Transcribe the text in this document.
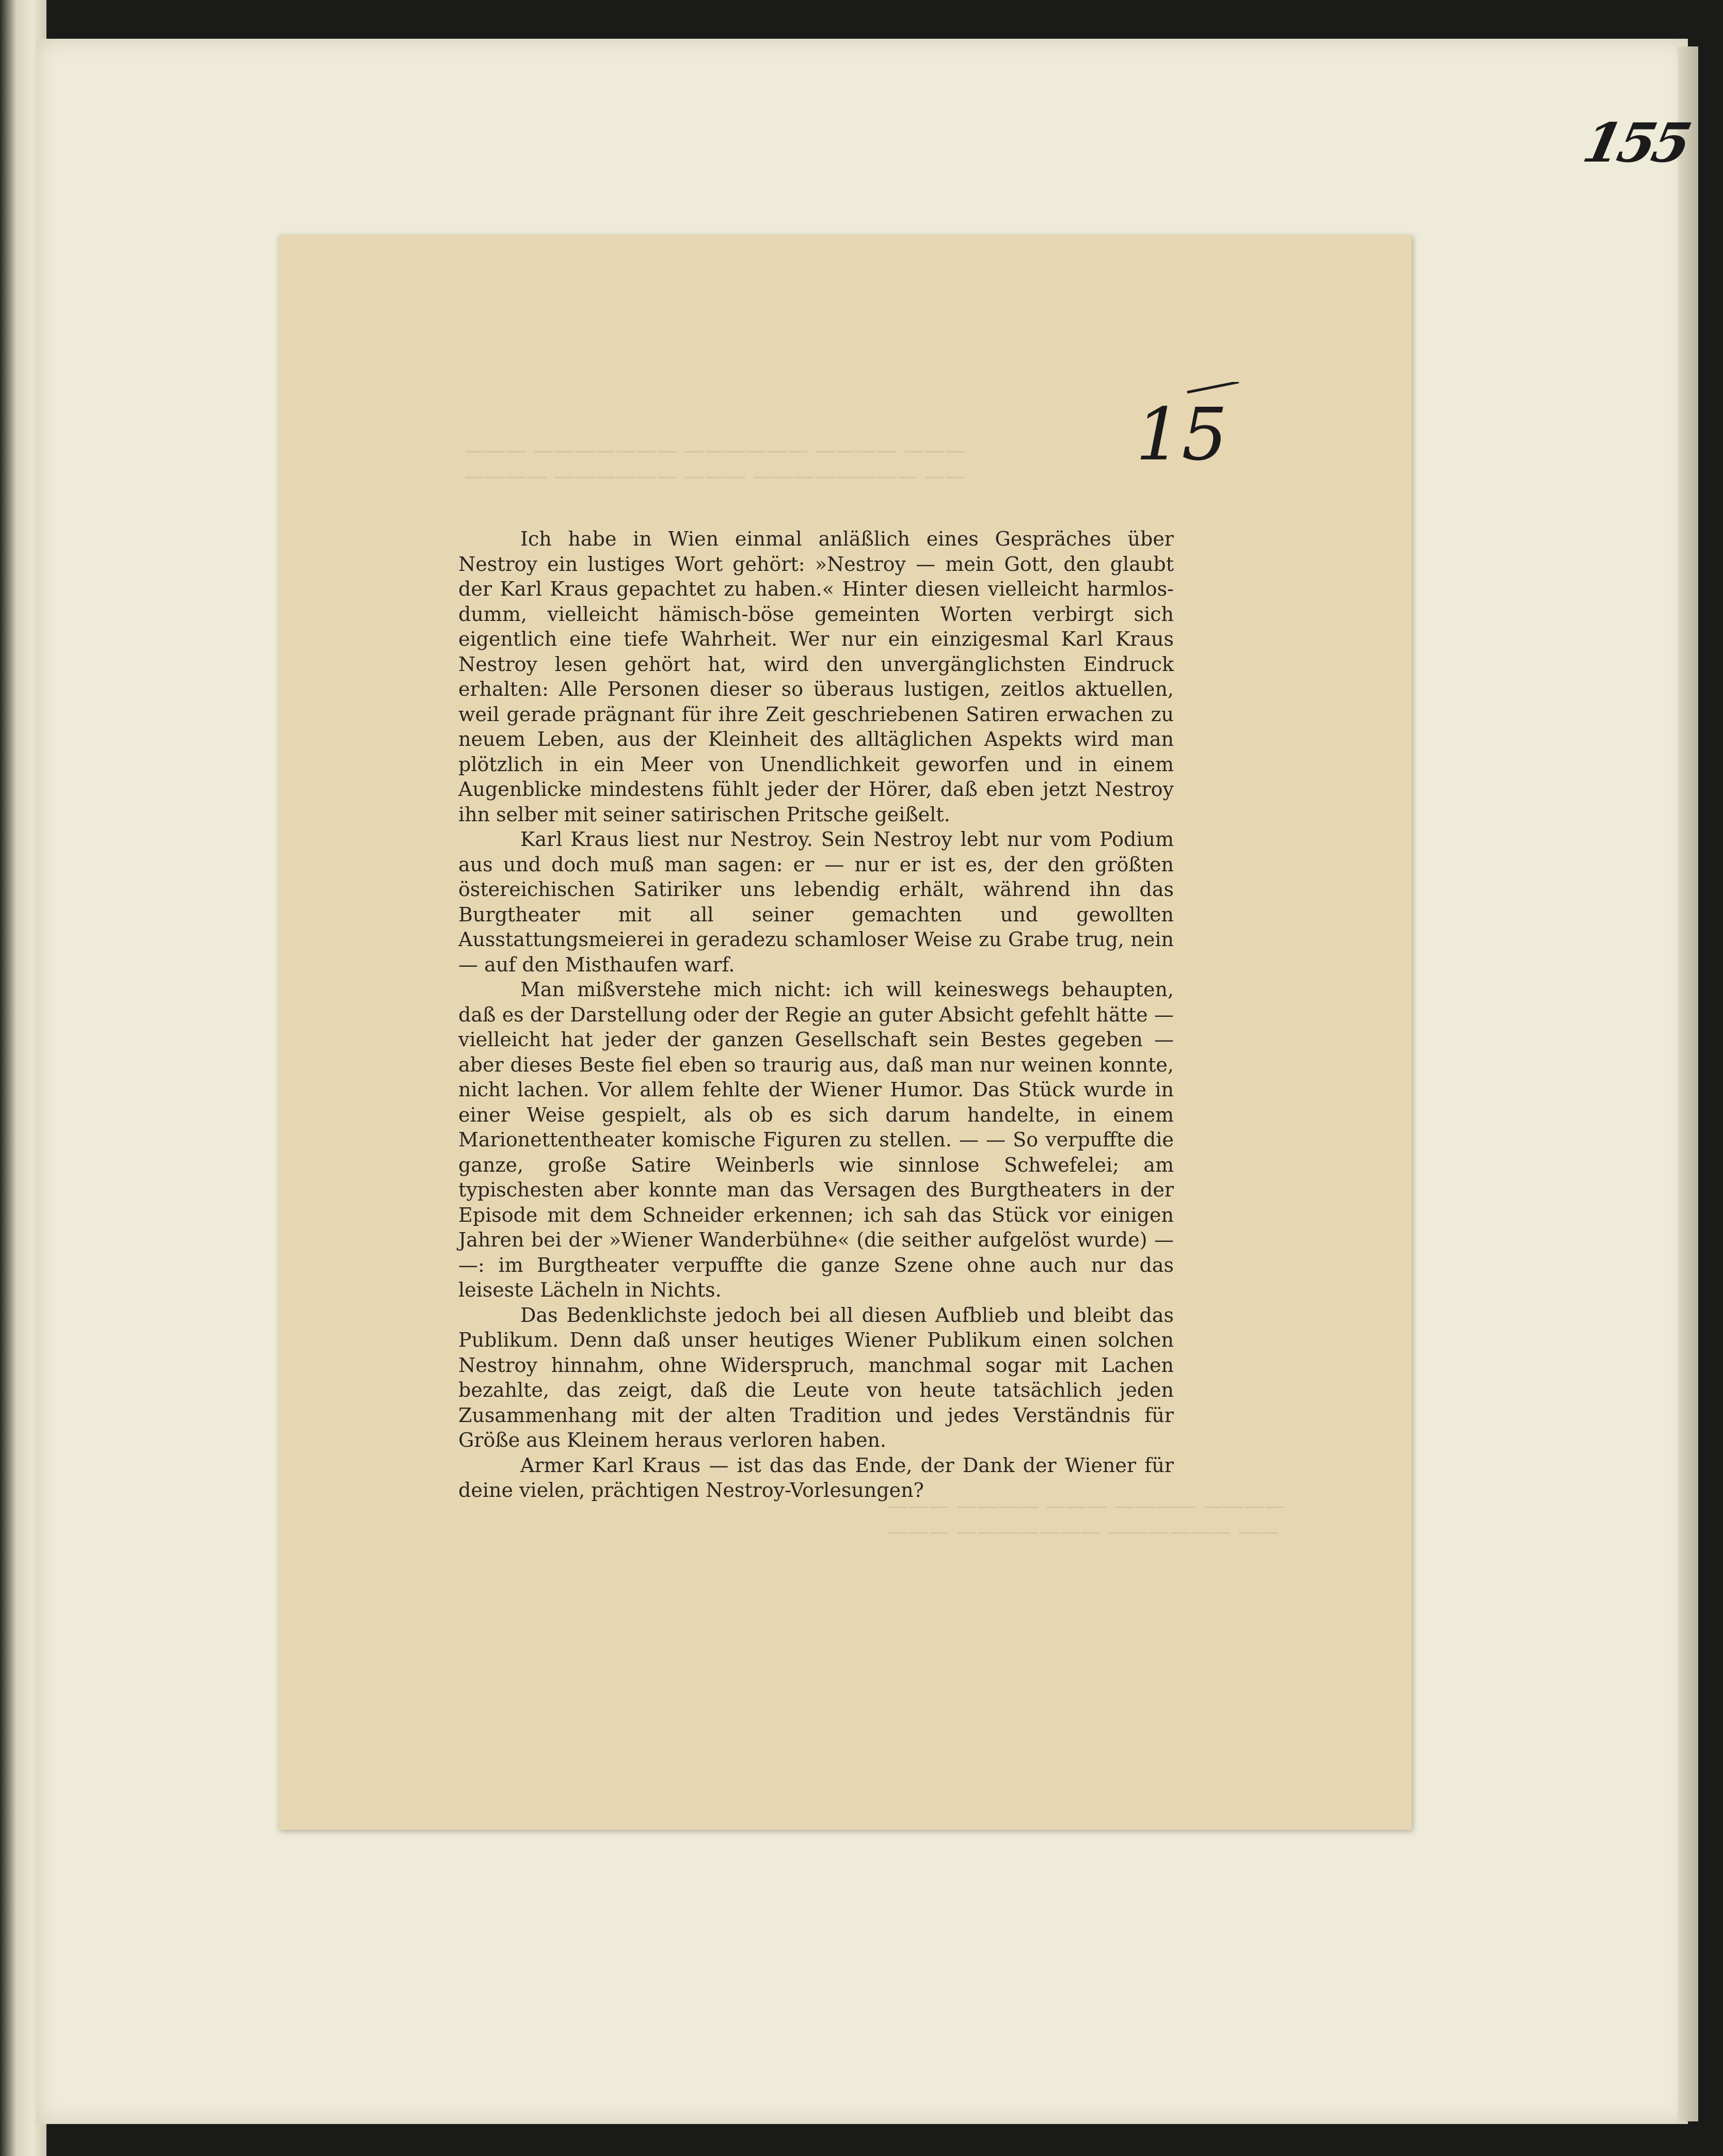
155

——— ——————— —————— ———— ———
———— —————— ——— ———————— ——
——— ———— ——— ———— ————
——— ——————— —————— ——
15

Ich habe in Wien einmal anläßlich eines Gespräches über Nestroy ein lustiges Wort gehört: »Nestroy — mein Gott, den glaubt der Karl Kraus gepachtet zu haben.« Hinter diesen vielleicht harmlos-dumm, vielleicht hämisch-böse gemeinten Worten verbirgt sich eigentlich eine tiefe Wahrheit. Wer nur ein einzigesmal Karl Kraus Nestroy lesen gehört hat, wird den unvergänglichsten Eindruck erhalten: Alle Personen dieser so überaus lustigen, zeitlos aktuellen, weil gerade prägnant für ihre Zeit geschriebenen Satiren erwachen zu neuem Leben, aus der Kleinheit des alltäglichen Aspekts wird man plötzlich in ein Meer von Unendlichkeit geworfen und in einem Augenblicke mindestens fühlt jeder der Hörer, daß eben jetzt Nestroy ihn selber mit seiner satirischen Pritsche geißelt.

Karl Kraus liest nur Nestroy. Sein Nestroy lebt nur vom Podium aus und doch muß man sagen: er — nur er ist es, der den größten östereichischen Satiriker uns lebendig erhält, während ihn das Burgtheater mit all seiner gemachten und gewollten Ausstattungsmeierei in geradezu schamloser Weise zu Grabe trug, nein — auf den Misthaufen warf.

Man mißverstehe mich nicht: ich will keineswegs behaupten, daß es der Darstellung oder der Regie an guter Absicht gefehlt hätte — vielleicht hat jeder der ganzen Gesellschaft sein Bestes gegeben — aber dieses Beste fiel eben so traurig aus, daß man nur weinen konnte, nicht lachen. Vor allem fehlte der Wiener Humor. Das Stück wurde in einer Weise gespielt, als ob es sich darum handelte, in einem Marionettentheater komische Figuren zu stellen. — — So verpuffte die ganze, große Satire Weinberls wie sinnlose Schwefelei; am typischesten aber konnte man das Versagen des Burgtheaters in der Episode mit dem Schneider erkennen; ich sah das Stück vor einigen Jahren bei der »Wiener Wanderbühne« (die seither aufgelöst wurde) — —: im Burgtheater verpuffte die ganze Szene ohne auch nur das leiseste Lächeln in Nichts.

Das Bedenklichste jedoch bei all diesen Aufblieb und bleibt das Publikum. Denn daß unser heutiges Wiener Publikum einen solchen Nestroy hinnahm, ohne Widerspruch, manchmal sogar mit Lachen bezahlte, das zeigt, daß die Leute von heute tatsächlich jeden Zusammenhang mit der alten Tradition und jedes Verständnis für Größe aus Kleinem heraus verloren haben.

Armer Karl Kraus — ist das das Ende, der Dank der Wiener für deine vielen, prächtigen Nestroy-Vorlesungen?
